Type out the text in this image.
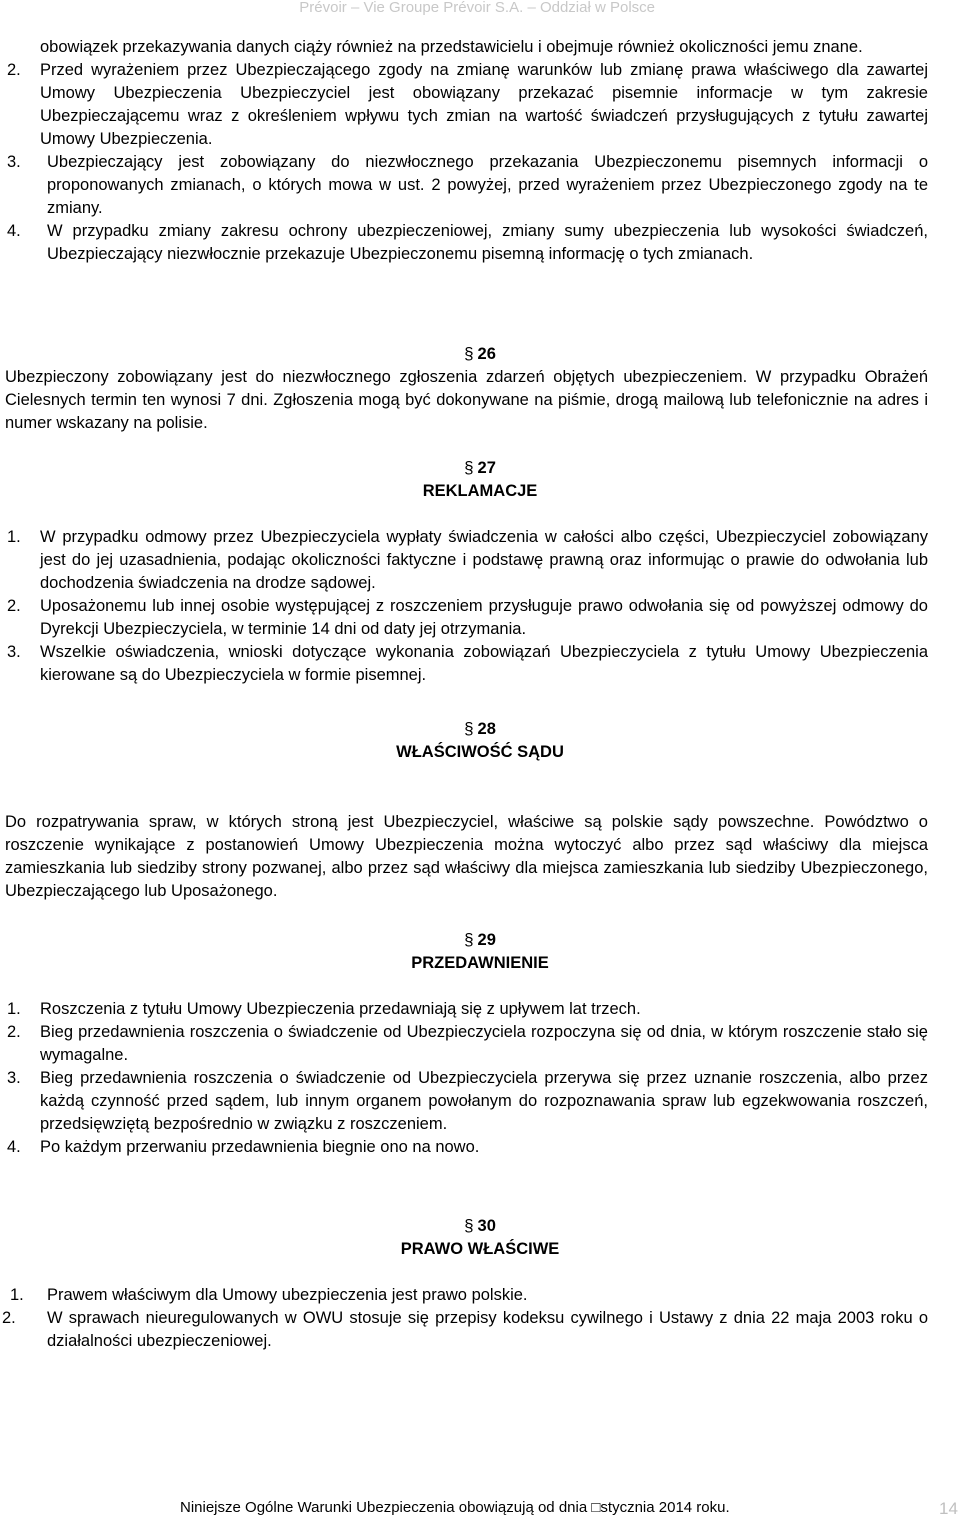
Prévoir – Vie Groupe Prévoir S.A. – Oddział w Polsce

obowiązek przekazywania danych ciąży również na przedstawicielu i obejmuje również okoliczności jemu znane.

2. Przed wyrażeniem przez Ubezpieczającego zgody na zmianę warunków lub zmianę prawa właściwego dla zawartej Umowy Ubezpieczenia Ubezpieczyciel jest obowiązany przekazać pisemnie informacje w tym zakresie Ubezpieczającemu wraz z określeniem wpływu tych zmian na wartość świadczeń przysługujących z tytułu zawartej Umowy Ubezpieczenia.

3. Ubezpieczający jest zobowiązany do niezwłocznego przekazania Ubezpieczonemu pisemnych informacji o proponowanych zmianach, o których mowa w ust. 2 powyżej, przed wyrażeniem przez Ubezpieczonego zgody na te zmiany.

4. W przypadku zmiany zakresu ochrony ubezpieczeniowej, zmiany sumy ubezpieczenia lub wysokości świadczeń, Ubezpieczający niezwłocznie przekazuje Ubezpieczonemu pisemną informację o tych zmianach.

§ 26

Ubezpieczony zobowiązany jest do niezwłocznego zgłoszenia zdarzeń objętych ubezpieczeniem. W przypadku Obrażeń Cielesnych termin ten wynosi 7 dni. Zgłoszenia mogą być dokonywane na piśmie, drogą mailową lub telefonicznie na adres i numer wskazany na polisie.

§ 27

REKLAMACJE

1. W przypadku odmowy przez Ubezpieczyciela wypłaty świadczenia w całości albo części, Ubezpieczyciel zobowiązany jest do jej uzasadnienia, podając okoliczności faktyczne i podstawę prawną oraz informując o prawie do odwołania lub dochodzenia świadczenia na drodze sądowej.

2. Uposażonemu lub innej osobie występującej z roszczeniem przysługuje prawo odwołania się od powyższej odmowy do Dyrekcji Ubezpieczyciela, w terminie 14 dni od daty jej otrzymania.

3. Wszelkie oświadczenia, wnioski dotyczące wykonania zobowiązań Ubezpieczyciela z tytułu Umowy Ubezpieczenia kierowane są do Ubezpieczyciela w formie pisemnej.

§ 28

WŁAŚCIWOŚĆ SĄDU

Do rozpatrywania spraw, w których stroną jest Ubezpieczyciel, właściwe są polskie sądy powszechne. Powództwo o roszczenie wynikające z postanowień Umowy Ubezpieczenia można wytoczyć albo przez sąd właściwy dla miejsca zamieszkania lub siedziby strony pozwanej, albo przez sąd właściwy dla miejsca zamieszkania lub siedziby Ubezpieczonego, Ubezpieczającego lub Uposażonego.

§ 29

PRZEDAWNIENIE

1. Roszczenia z tytułu Umowy Ubezpieczenia przedawniają się z upływem lat trzech.

2. Bieg przedawnienia roszczenia o świadczenie od Ubezpieczyciela rozpoczyna się od dnia, w którym roszczenie stało się wymagalne.

3. Bieg przedawnienia roszczenia o świadczenie od Ubezpieczyciela przerywa się przez uznanie roszczenia, albo przez każdą czynność przed sądem, lub innym organem powołanym do rozpoznawania spraw lub egzekwowania roszczeń, przedsięwziętą bezpośrednio w związku z roszczeniem.

4. Po każdym przerwaniu przedawnienia biegnie ono na nowo.

§ 30

PRAWO WŁAŚCIWE

1. Prawem właściwym dla Umowy ubezpieczenia jest prawo polskie.

2. W sprawach nieuregulowanych w OWU stosuje się przepisy kodeksu cywilnego i Ustawy z dnia 22 maja 2003 roku o działalności ubezpieczeniowej.

Niniejsze Ogólne Warunki Ubezpieczenia obowiązują od dnia □stycznia 2014 roku.	14
